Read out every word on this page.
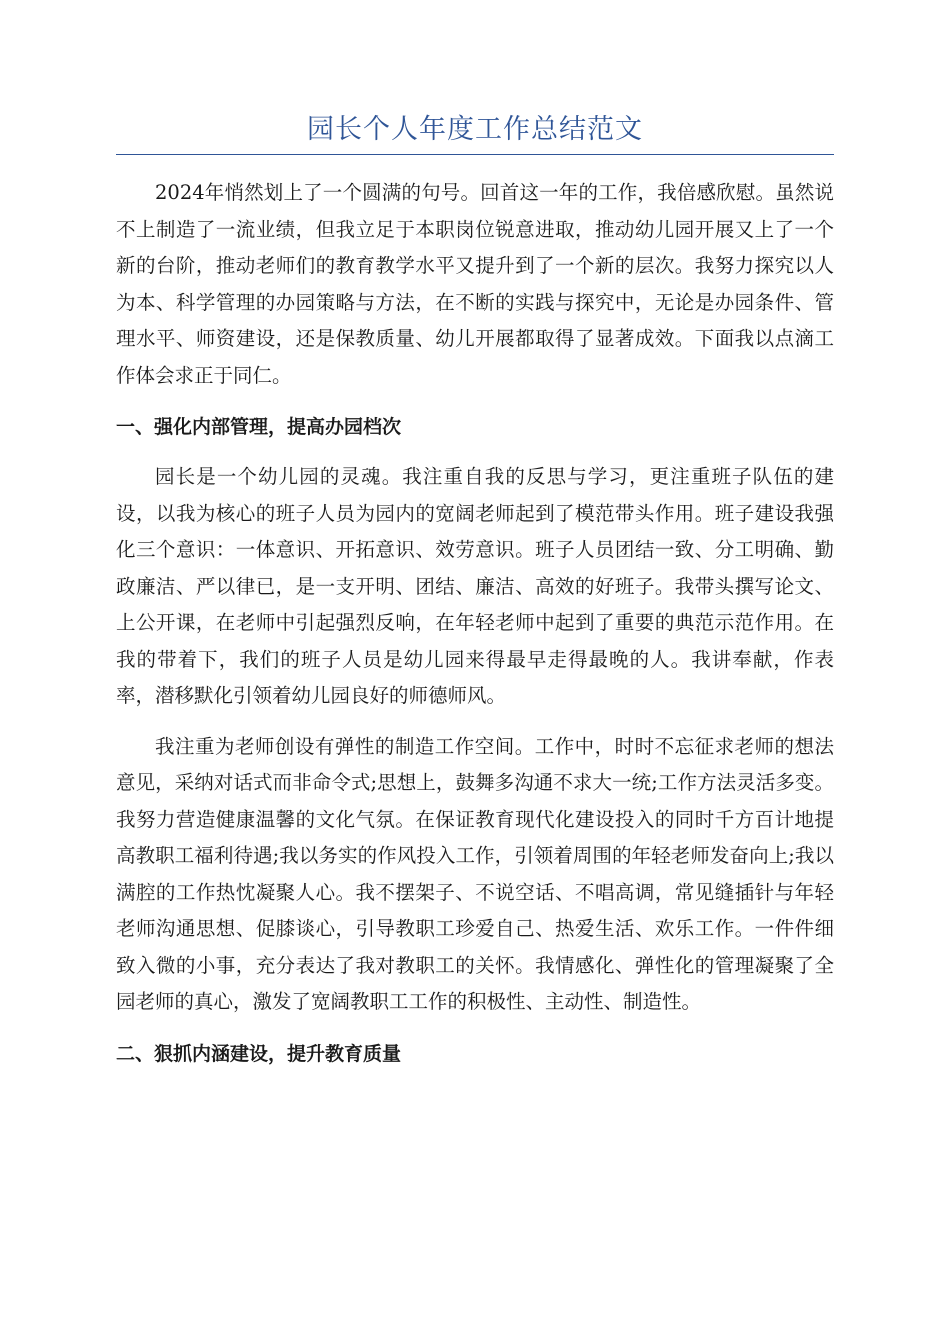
园长个人年度工作总结范文

2024年悄然划上了一个圆满的句号。回首这一年的工作，我倍感欣慰。虽然说不上制造了一流业绩，但我立足于本职岗位锐意进取，推动幼儿园开展又上了一个新的台阶，推动老师们的教育教学水平又提升到了一个新的层次。我努力探究以人为本、科学管理的办园策略与方法，在不断的实践与探究中，无论是办园条件、管理水平、师资建设，还是保教质量、幼儿开展都取得了显著成效。下面我以点滴工作体会求正于同仁。

一、强化内部管理，提高办园档次

园长是一个幼儿园的灵魂。我注重自我的反思与学习，更注重班子队伍的建设，以我为核心的班子人员为园内的宽阔老师起到了模范带头作用。班子建设我强化三个意识：一体意识、开拓意识、效劳意识。班子人员团结一致、分工明确、勤政廉洁、严以律已，是一支开明、团结、廉洁、高效的好班子。我带头撰写论文、上公开课，在老师中引起强烈反响，在年轻老师中起到了重要的典范示范作用。在我的带着下，我们的班子人员是幼儿园来得最早走得最晚的人。我讲奉献，作表率，潜移默化引领着幼儿园良好的师德师风。

我注重为老师创设有弹性的制造工作空间。工作中，时时不忘征求老师的想法意见，采纳对话式而非命令式;思想上，鼓舞多沟通不求大一统;工作方法灵活多变。我努力营造健康温馨的文化气氛。在保证教育现代化建设投入的同时千方百计地提高教职工福利待遇;我以务实的作风投入工作，引领着周围的年轻老师发奋向上;我以满腔的工作热忱凝聚人心。我不摆架子、不说空话、不唱高调，常见缝插针与年轻老师沟通思想、促膝谈心，引导教职工珍爱自己、热爱生活、欢乐工作。一件件细致入微的小事，充分表达了我对教职工的关怀。我情感化、弹性化的管理凝聚了全园老师的真心，激发了宽阔教职工工作的积极性、主动性、制造性。

二、狠抓内涵建设，提升教育质量
